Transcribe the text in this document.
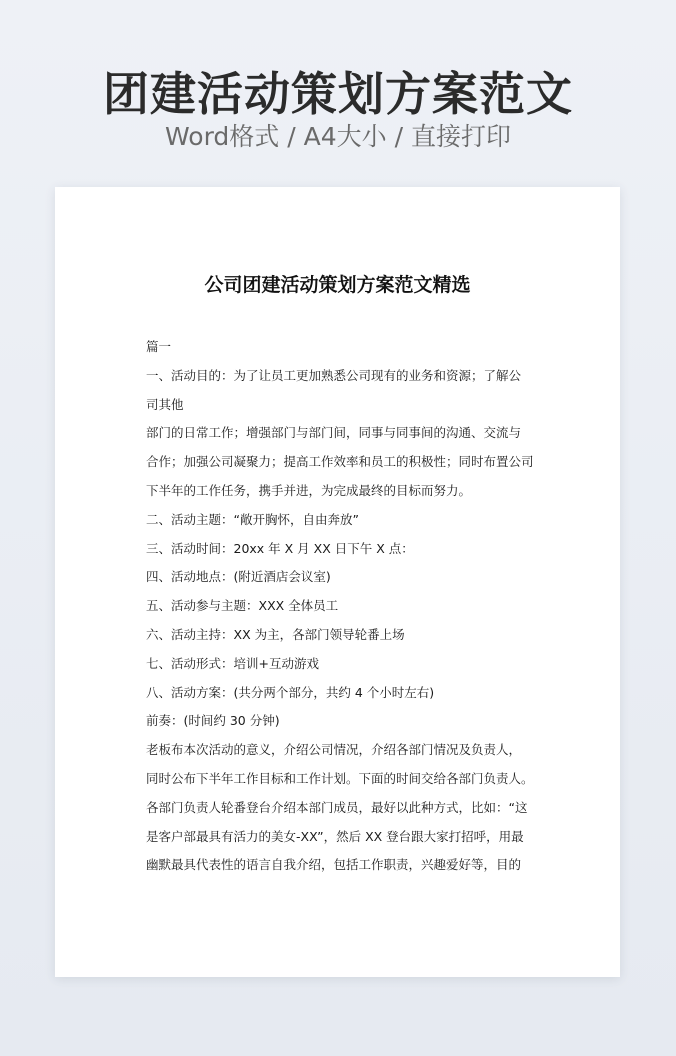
团建活动策划方案范文
Word格式 / A4大小 / 直接打印
公司团建活动策划方案范文精选
篇一
一、活动目的：为了让员工更加熟悉公司现有的业务和资源；了解公
司其他
部门的日常工作；增强部门与部门间，同事与同事间的沟通、交流与
合作；加强公司凝聚力；提高工作效率和员工的积极性；同时布置公司
下半年的工作任务，携手并进，为完成最终的目标而努力。
二、活动主题：“敞开胸怀，自由奔放”
三、活动时间：20xx 年 X 月 XX 日下午 X 点：
四、活动地点：(附近酒店会议室)
五、活动参与主题：XXX 全体员工
六、活动主持：XX 为主，各部门领导轮番上场
七、活动形式：培训+互动游戏
八、活动方案：(共分两个部分，共约 4 个小时左右)
前奏：(时间约 30 分钟)
老板布本次活动的意义，介绍公司情况，介绍各部门情况及负责人，
同时公布下半年工作目标和工作计划。下面的时间交给各部门负责人。
各部门负责人轮番登台介绍本部门成员，最好以此种方式，比如：“这
是客户部最具有活力的美女-XX”，然后 XX 登台跟大家打招呼，用最
幽默最具代表性的语言自我介绍，包括工作职责，兴趣爱好等，目的
